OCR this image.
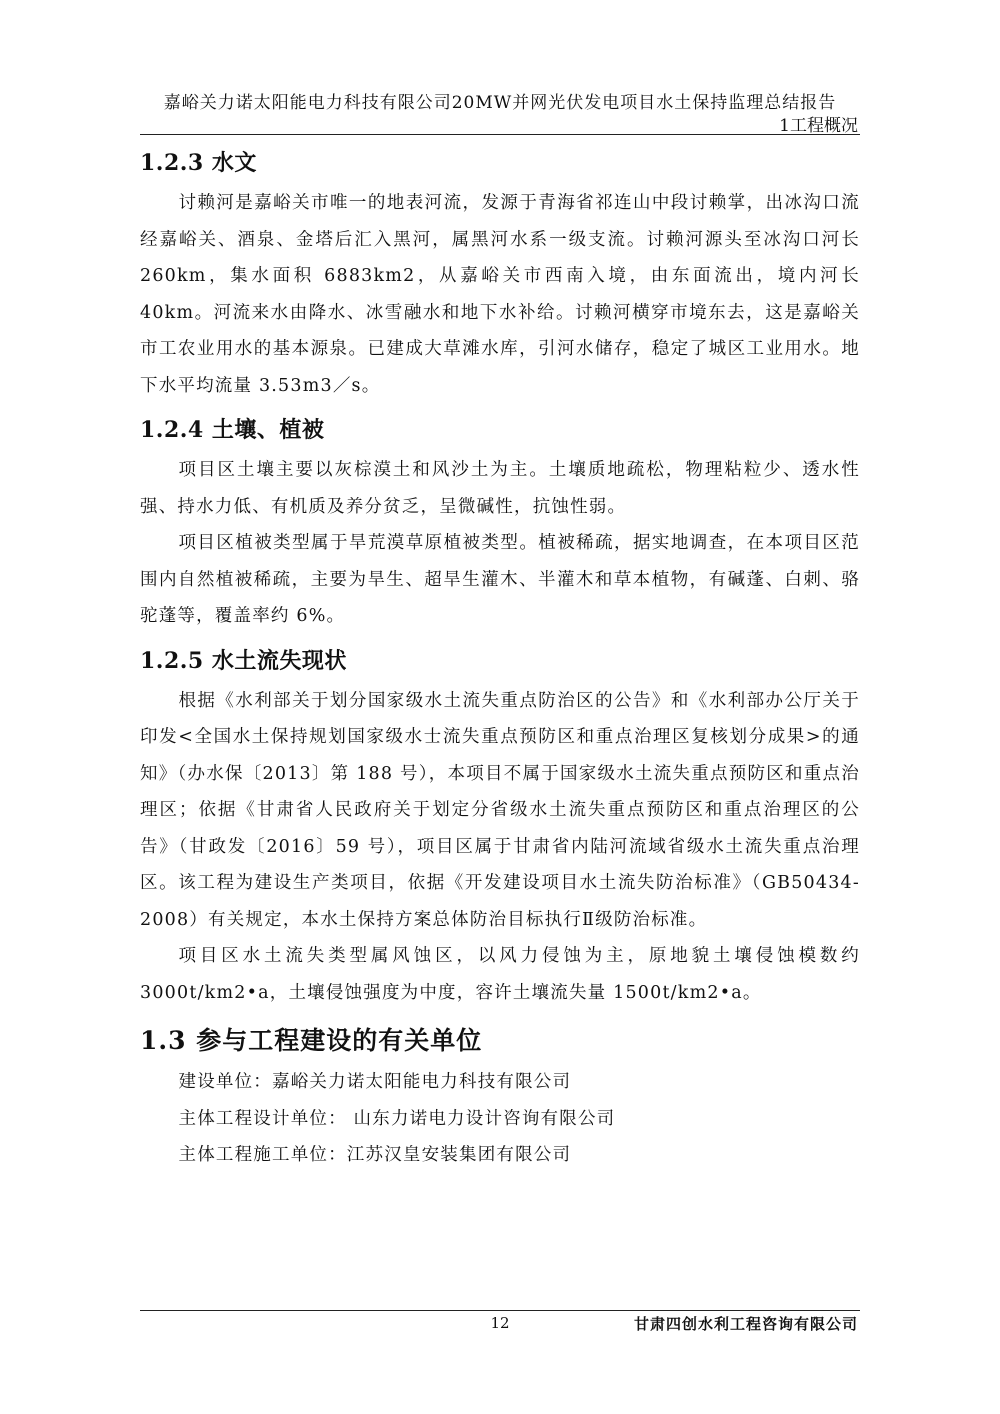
嘉峪关力诺太阳能电力科技有限公司20MW并网光伏发电项目水土保持监理总结报告
1工程概况
1.2.3 水文

讨赖河是嘉峪关市唯一的地表河流，发源于青海省祁连山中段讨赖掌，出冰沟口流经嘉峪关、酒泉、金塔后汇入黑河，属黑河水系一级支流。讨赖河源头至冰沟口河长 260km，集水面积 6883km2，从嘉峪关市西南入境，由东面流出，境内河长 40km。河流来水由降水、冰雪融水和地下水补给。讨赖河横穿市境东去，这是嘉峪关市工农业用水的基本源泉。已建成大草滩水库，引河水储存，稳定了城区工业用水。地下水平均流量 3.53m3／s。

1.2.4 土壤、植被

项目区土壤主要以灰棕漠土和风沙土为主。土壤质地疏松，物理粘粒少、透水性强、持水力低、有机质及养分贫乏，呈微碱性，抗蚀性弱。

项目区植被类型属于旱荒漠草原植被类型。植被稀疏，据实地调查，在本项目区范围内自然植被稀疏，主要为旱生、超旱生灌木、半灌木和草本植物，有碱蓬、白刺、骆驼蓬等，覆盖率约 6%。

1.2.5 水土流失现状

根据《水利部关于划分国家级水土流失重点防治区的公告》和《水利部办公厅关于印发<全国水土保持规划国家级水士流失重点预防区和重点治理区复核划分成果>的通知》（办水保〔2013〕第 188 号），本项目不属于国家级水土流失重点预防区和重点治理区；依据《甘肃省人民政府关于划定分省级水土流失重点预防区和重点治理区的公告》（甘政发〔2016〕59 号），项目区属于甘肃省内陆河流域省级水土流失重点治理区。该工程为建设生产类项目，依据《开发建设项目水土流失防治标准》（GB50434-2008）有关规定，本水土保持方案总体防治目标执行Ⅱ级防治标准。

项目区水土流失类型属风蚀区，以风力侵蚀为主，原地貌土壤侵蚀模数约 3000t/km2•a，土壤侵蚀强度为中度，容许土壤流失量 1500t/km2•a。

1.3 参与工程建设的有关单位

建设单位：嘉峪关力诺太阳能电力科技有限公司

主体工程设计单位： 山东力诺电力设计咨询有限公司

主体工程施工单位：江苏汉皇安装集团有限公司

12	甘肃四创水利工程咨询有限公司
